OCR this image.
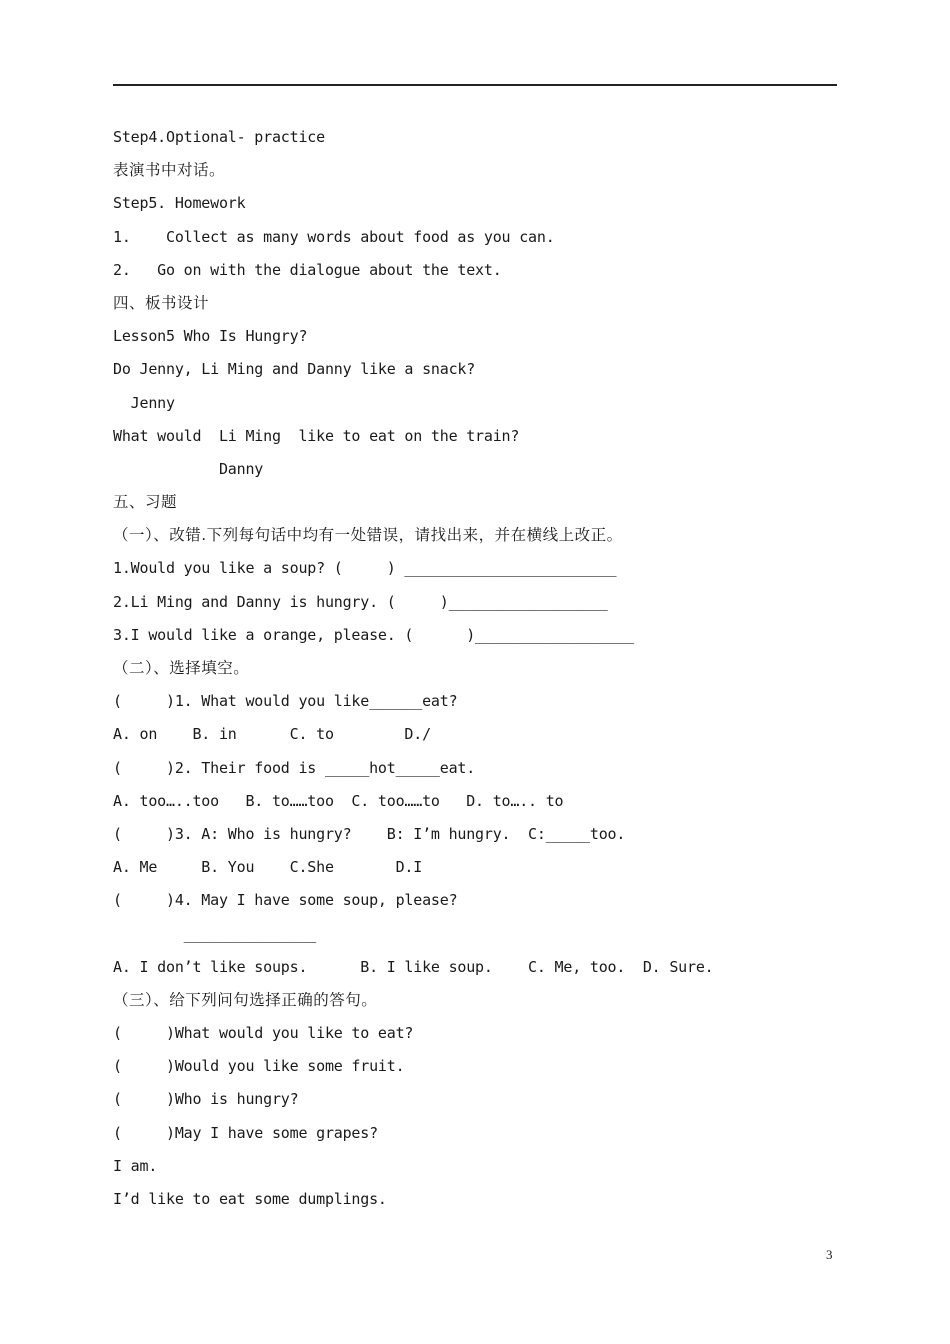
Step4.Optional- practice
表演书中对话。
Step5. Homework
1.    Collect as many words about food as you can.
2.   Go on with the dialogue about the text.
四、板书设计
Lesson5 Who Is Hungry?
Do Jenny, Li Ming and Danny like a snack?
Jenny
What would  Li Ming  like to eat on the train?
Danny
五、习题
（一）、改错.下列每句话中均有一处错误，请找出来，并在横线上改正。
1.Would you like a soup? (     ) ________________________
2.Li Ming and Danny is hungry. (     )__________________
3.I would like a orange, please. (      )__________________
（二）、选择填空。
(     )1. What would you like______eat?
A. on    B. in      C. to        D./
(     )2. Their food is _____hot_____eat.
A. too…..too   B. to……too  C. too……to   D. to….. to
(     )3. A: Who is hungry?    B: I’m hungry.  C:_____too.
A. Me     B. You    C.She       D.I
(     )4. May I have some soup, please?
_______________
A. I don’t like soups.      B. I like soup.    C. Me, too.  D. Sure.
（三）、给下列问句选择正确的答句。
(     )What would you like to eat?
(     )Would you like some fruit.
(     )Who is hungry?
(     )May I have some grapes?
I am.
I’d like to eat some dumplings.
3
